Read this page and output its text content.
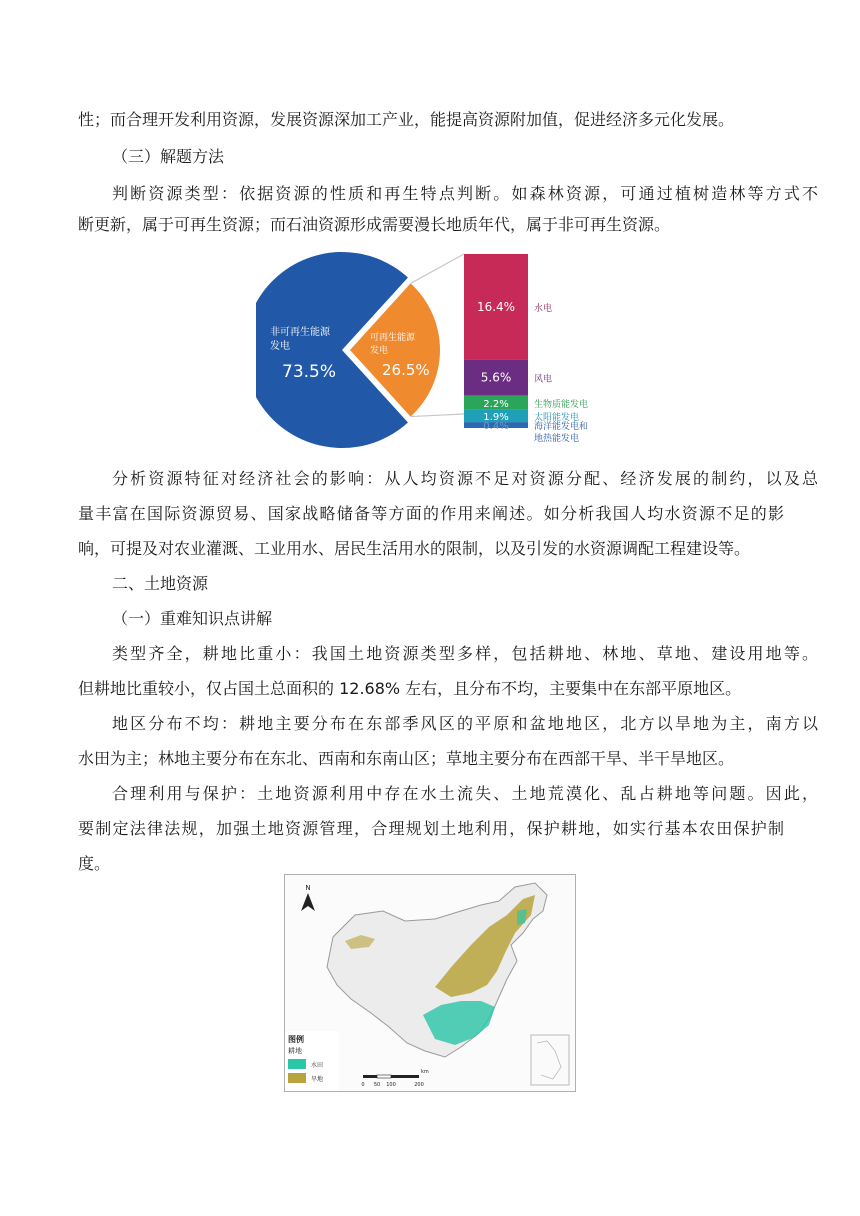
性；而合理开发利用资源，发展资源深加工产业，能提高资源附加值，促进经济多元化发展。

（三）解题方法

判断资源类型：依据资源的性质和再生特点判断。如森林资源，可通过植树造林等方式不

断更新，属于可再生资源；而石油资源形成需要漫长地质年代，属于非可再生资源。

非可再生能源
发电
73.5%
可再生能源
发电
26.5%
16.4% 水电
5.6%	风电
2.2%	生物质能发电
1.9%	太阳能发电
0.4%	海洋能发电和
地热能发电

分析资源特征对经济社会的影响：从人均资源不足对资源分配、经济发展的制约，以及总

量丰富在国际资源贸易、国家战略储备等方面的作用来阐述。如分析我国人均水资源不足的影

响，可提及对农业灌溉、工业用水、居民生活用水的限制，以及引发的水资源调配工程建设等。

二、土地资源

（一）重难知识点讲解

类型齐全，耕地比重小：我国土地资源类型多样，包括耕地、林地、草地、建设用地等。

但耕地比重较小，仅占国土总面积的 12.68% 左右，且分布不均，主要集中在东部平原地区。

地区分布不均：耕地主要分布在东部季风区的平原和盆地地区，北方以旱地为主，南方以

水田为主；林地主要分布在东北、西南和东南山区；草地主要分布在西部干旱、半干旱地区。

合理利用与保护：土地资源利用中存在水土流失、土地荒漠化、乱占耕地等问题。因此，

要制定法律法规，加强土地资源管理，合理规划土地利用，保护耕地，如实行基本农田保护制

度。

N
图例
耕地
水田
旱地
0 50 100	200
km
